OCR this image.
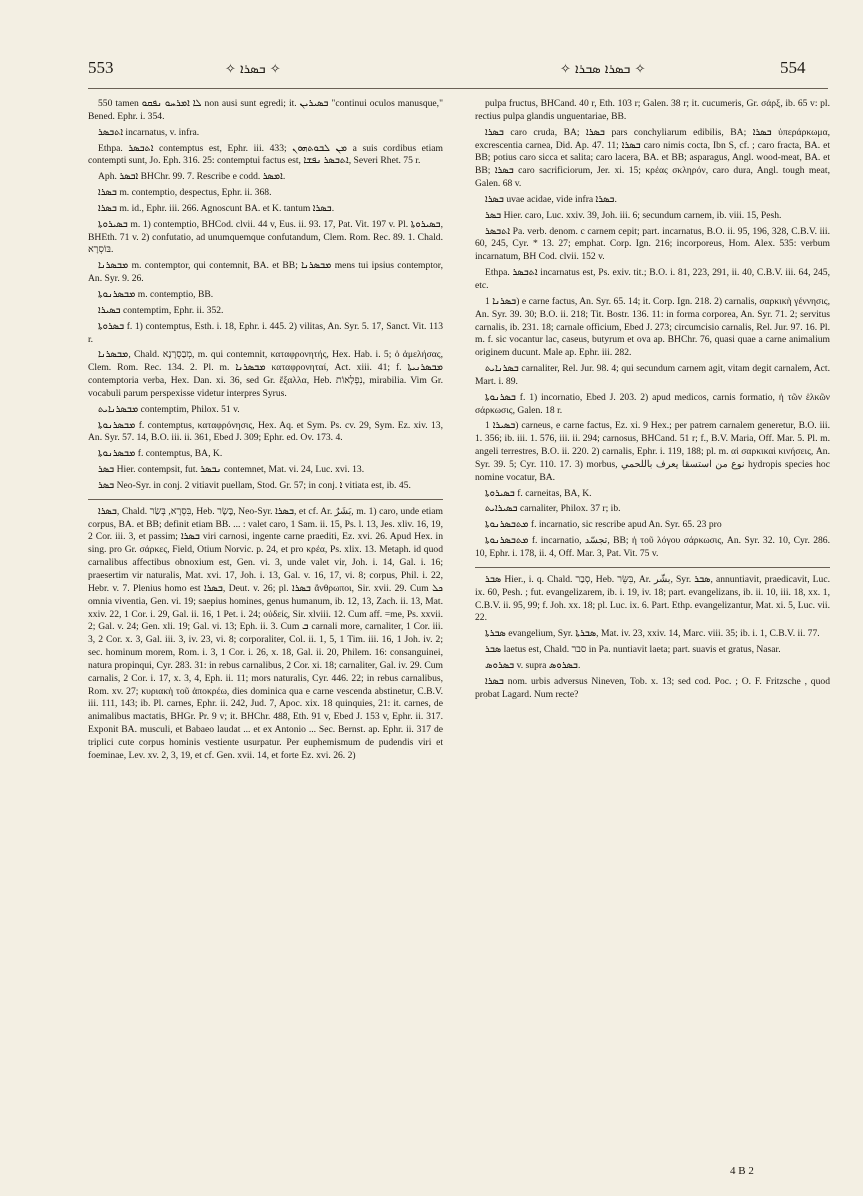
553	✧ ܒܣܪܐ ✧	✧ ܒܣܪܐ ܣܒܪܐ ✧	554

550 tamen ܠܐ ܐܡܪܚܘ ܢܦܩܘ non ausi sunt egredi; it. ܒܣܝܪܝܢ "continui oculos manusque," Bened. Ephr. i. 354.

ܐܬܒܣܪ incarnatus, v. infra.

Ethpa. ܐܬܒܣܪ contemptus est, Ephr. iii. 433; ܡܢ ܠܒܘܬܗܘܢ a suis cordibus etiam contempti sunt, Jo. Eph. 316. 25: contemptui factus est, ܐܬܒܣܪ ܢܦܫܐ, Severi Rhet. 75 r.

Aph. ܐܒܣܪ BHChr. 99. 7. Rescribe e codd. ܐܡܣܪ.

ܒܣܪܐ m. contemptio, despectus, Ephr. ii. 368.

ܒܣܪܐ m. id., Ephr. iii. 266. Agnoscunt BA. et K. tantum ܒܣܪܐ.

ܒܣܝܪܘܬܐ m. 1) contemptio, BHCod. clvii. 44 v, Eus. ii. 93. 17, Pat. Vit. 197 v. Pl. ܒܣܝܪܘܬܐ, BHEth. 71 v. 2) confutatio, ad unumquemque confutandum, Clem. Rom. Rec. 89. 1. Chald. בּוֹסְרָא.

ܡܒܣܪܢܐ m. contemptor, qui contemnit, BA. et BB; ܡܒܣܪܢܐ mens tui ipsius contemptor, An. Syr. 9. 26.

ܡܒܣܪܢܘܬܐ m. contemptio, BB.

ܒܣܝܪܐ contemptim, Ephr. ii. 352.

ܒܣܪܘܬܐ f. 1) contemptus, Esth. i. 18, Ephr. i. 445. 2) vilitas, An. Syr. 5. 17, Sanct. Vit. 113 r.

ܡܒܣܪܢܐ, Chald. מְבַסְרָנָא, m. qui contemnit, καταφρονητής, Hex. Hab. i. 5; ὁ ἀμελήσας, Clem. Rom. Rec. 134. 2. Pl. m. ܡܒܣܪܢܐ καταφρονηταί, Act. xiii. 41; f. ܡܒܣܪܢܝܬܐ contemptoria verba, Hex. Dan. xi. 36, sed Gr. ἔξαλλα, Heb. נִפְלָאוֹת, mirabilia. Vim Gr. vocabuli parum perspexisse videtur interpres Syrus.

ܡܒܣܪܢܐܝܬ contemptim, Philox. 51 v.

ܡܒܣܪܢܘܬܐ f. contemptus, καταφρόνησις, Hex. Aq. et Sym. Ps. cv. 29, Sym. Ez. xiv. 13, An. Syr. 57. 14, B.O. iii. ii. 361, Ebed J. 309; Ephr. ed. Ov. 173. 4.

ܡܒܣܪܢܘܬܐ f. contemptus, BA, K.

ܒܣܪ Hier. contempsit, fut. ܢܒܣܪ contemnet, Mat. vi. 24, Luc. xvi. 13.

ܒܣܪ Neo-Syr. in conj. 2 vitiavit puellam, Stod. Gr. 57; in conj. ܐ vitiata est, ib. 45.

ܒܣܪܐ, Chald. בִּסְרָא, בְּשַׂר, Heb. בָּשָׂר, Neo-Syr. ܒܣܪܐ, et cf. Ar. بَشَرٌ, m. 1) caro, unde etiam corpus, BA. et BB; definit etiam BB. ... : valet caro, 1 Sam. ii. 15, Ps. l. 13, Jes. xliv. 16, 19, 2 Cor. iii. 3, et passim; ܒܣܪܐ viri carnosi, ingente carne praediti, Ez. xvi. 26. Apud Hex. in sing. pro Gr. σάρκες, Field, Otium Norvic. p. 24, et pro κρέα, Ps. xlix. 13. Metaph. id quod carnalibus affectibus obnoxium est, Gen. vi. 3, unde valet vir, Joh. i. 14, Gal. i. 16; praesertim vir naturalis, Mat. xvi. 17, Joh. i. 13, Gal. v. 16, 17, vi. 8; corpus, Phil. i. 22, Hebr. v. 7. Plenius homo est ܒܣܪܐ, Deut. v. 26; pl. ܒܣܪܐ ἄνθρωποι, Sir. xvii. 29. Cum ܟܠ omnia viventia, Gen. vi. 19; saepius homines, genus humanum, ib. 12, 13, Zach. ii. 13, Mat. xxiv. 22, 1 Cor. i. 29, Gal. ii. 16, 1 Pet. i. 24; οὐδείς, Sir. xlviii. 12. Cum aff. =me, Ps. xxvii. 2; Gal. v. 24; Gen. xli. 19; Gal. vi. 13; Eph. ii. 3. Cum ܒ carnali more, carnaliter, 1 Cor. iii. 3, 2 Cor. x. 3, Gal. iii. 3, iv. 23, vi. 8; corporaliter, Col. ii. 1, 5, 1 Tim. iii. 16, 1 Joh. iv. 2; sec. hominum morem, Rom. i. 3, 1 Cor. i. 26, x. 18, Gal. ii. 20, Philem. 16: consanguinei, natura propinqui, Cyr. 283. 31: in rebus carnalibus, 2 Cor. xi. 18; carnaliter, Gal. iv. 29. Cum carnalis, 2 Cor. i. 17, x. 3, 4, Eph. ii. 11; mors naturalis, Cyr. 446. 22; in rebus carnalibus, Rom. xv. 27; κυριακὴ τοῦ ἀποκρέω, dies dominica qua e carne vescenda abstinetur, C.B.V. iii. 111, 143; ib. Pl. carnes, Ephr. ii. 242, Jud. 7, Apoc. xix. 18 quinquies, 21: it. carnes, de animalibus mactatis, BHGr. Pr. 9 v; it. BHChr. 488, Eth. 91 v, Ebed J. 153 v, Ephr. ii. 317. Exponit BA. musculi, et Babaeo laudat ... et ex Antonio ... Sec. Bernst. ap. Ephr. ii. 317 de triplici cute corpus hominis vestiente usurpatur. Per euphemismum de pudendis viri et foeminae, Lev. xv. 2, 3, 19, et cf. Gen. xvii. 14, et forte Ez. xvi. 26. 2)

pulpa fructus, BHCand. 40 r, Eth. 103 r; Galen. 38 r; it. cucumeris, Gr. σάρξ, ib. 65 v: pl. rectius pulpa glandis unguentariae, BB.

ܒܣܪܐ caro cruda, BA; ܒܣܪܐ pars conchyliarum edibilis, BA; ܒܣܪܐ ὑπεράρκωμα, excrescentia carnea, Did. Ap. 47. 11; ܒܣܪܐ caro nimis cocta, Ibn S, cf. ; caro fracta, BA. et BB; potius caro sicca et salita; caro lacera, BA. et BB; asparagus, Angl. wood-meat, BA. et BB; ܒܣܪܐ caro sacrificiorum, Jer. xi. 15; κρέας σκληρόν, caro dura, Angl. tough meat, Galen. 68 v.

ܒܣܪܐ uvae acidae, vide infra ܒܣܪܐ.

ܒܣܪ Hier. caro, Luc. xxiv. 39, Joh. iii. 6; secundum carnem, ib. viii. 15, Pesh.

ܐܬܒܣܪ Pa. verb. denom. c carnem cepit; part. incarnatus, B.O. ii. 95, 196, 328, C.B.V. iii. 60, 245, Cyr. * 13. 27; emphat. Corp. Ign. 216; incorporeus, Hom. Alex. 535: verbum incarnatum, BH Cod. clvii. 152 v.

Ethpa. ܐܬܒܣܪ incarnatus est, Ps. exiv. tit.; B.O. i. 81, 223, 291, ii. 40, C.B.V. iii. 64, 245, etc.

ܒܣܪܢܐ 1) e carne factus, An. Syr. 65. 14; it. Corp. Ign. 218. 2) carnalis, σαρκικὴ γέννησις, An. Syr. 39. 30; B.O. ii. 218; Tit. Bostr. 136. 11: in forma corporea, An. Syr. 71. 2; servitus carnalis, ib. 231. 18; carnale officium, Ebed J. 273; circumcisio carnalis, Rel. Jur. 97. 16. Pl. m. f. sic vocantur lac, caseus, butyrum et ova ap. BHChr. 76, quasi quae a carne animalium originem ducunt. Male ap. Ephr. iii. 282.

ܒܣܪܢܐܝܬ carnaliter, Rel. Jur. 98. 4; qui secundum carnem agit, vitam degit carnalem, Act. Mart. i. 89.

ܒܣܪܢܘܬܐ f. 1) incornatio, Ebed J. 203. 2) apud medicos, carnis formatio, ἡ τῶν ἑλκῶν σάρκωσις, Galen. 18 r.

ܒܣܝܪܐ 1) carneus, e carne factus, Ez. xi. 9 Hex.; per patrem carnalem generetur, B.O. iii. 1. 356; ib. iii. 1. 576, iii. ii. 294; carnosus, BHCand. 51 r; f., B.V. Maria, Off. Mar. 5. Pl. m. angeli terrestres, B.O. ii. 220. 2) carnalis, Ephr. i. 119, 188; pl. m. αἱ σαρκικαὶ κινήσεις, An. Syr. 39. 5; Cyr. 110. 17. 3) morbus, نوع من استسقا يعرف باللحمي hydropis species hoc nomine vocatur, BA.

ܒܣܝܪܘܬܐ f. carneitas, BA, K.

ܒܣܝܪܐܝܬ carnaliter, Philox. 37 r; ib.

ܡܬܒܣܪܢܘܬܐ f. incarnatio, sic rescribe apud An. Syr. 65. 23 pro

ܡܬܒܣܪܢܘܬܐ f. incarnatio, تجسّد, BB; ἡ τοῦ λόγου σάρκωσις, An. Syr. 32. 10, Cyr. 286. 10, Ephr. i. 178, ii. 4, Off. Mar. 3, Pat. Vit. 75 v.

ܣܒܪ Hier., i. q. Chald. סְבַר, Heb. בִּשֵּׂר, Ar. بشّر, Syr. ܣܒܪ, annuntiavit, praedicavit, Luc. ix. 60, Pesh. ; fut. evangelizarem, ib. i. 19, iv. 18; part. evangelizans, ib. ii. 10, iii. 18, xx. 1, C.B.V. ii. 95, 99; f. Joh. xx. 18; pl. Luc. ix. 6. Part. Ethp. evangelizantur, Mat. xi. 5, Luc. vii. 22.

ܣܒܪܬܐ evangelium, Syr. ܣܒܪܬܐ, Mat. iv. 23, xxiv. 14, Marc. viii. 35; ib. i. 1, C.B.V. ii. 77.

ܣܒܪ laetus est, Chald. סבר in Pa. nuntiavit laeta; part. suavis et gratus, Nasar.

ܒܣܪܘܣ v. supra ܒܣܪܘܣ.

ܒܣܪܐ nom. urbis adversus Nineven, Tob. x. 13; sed cod. Poc. ; O. F. Fritzsche , quod probat Lagard. Num recte?

4 B 2
